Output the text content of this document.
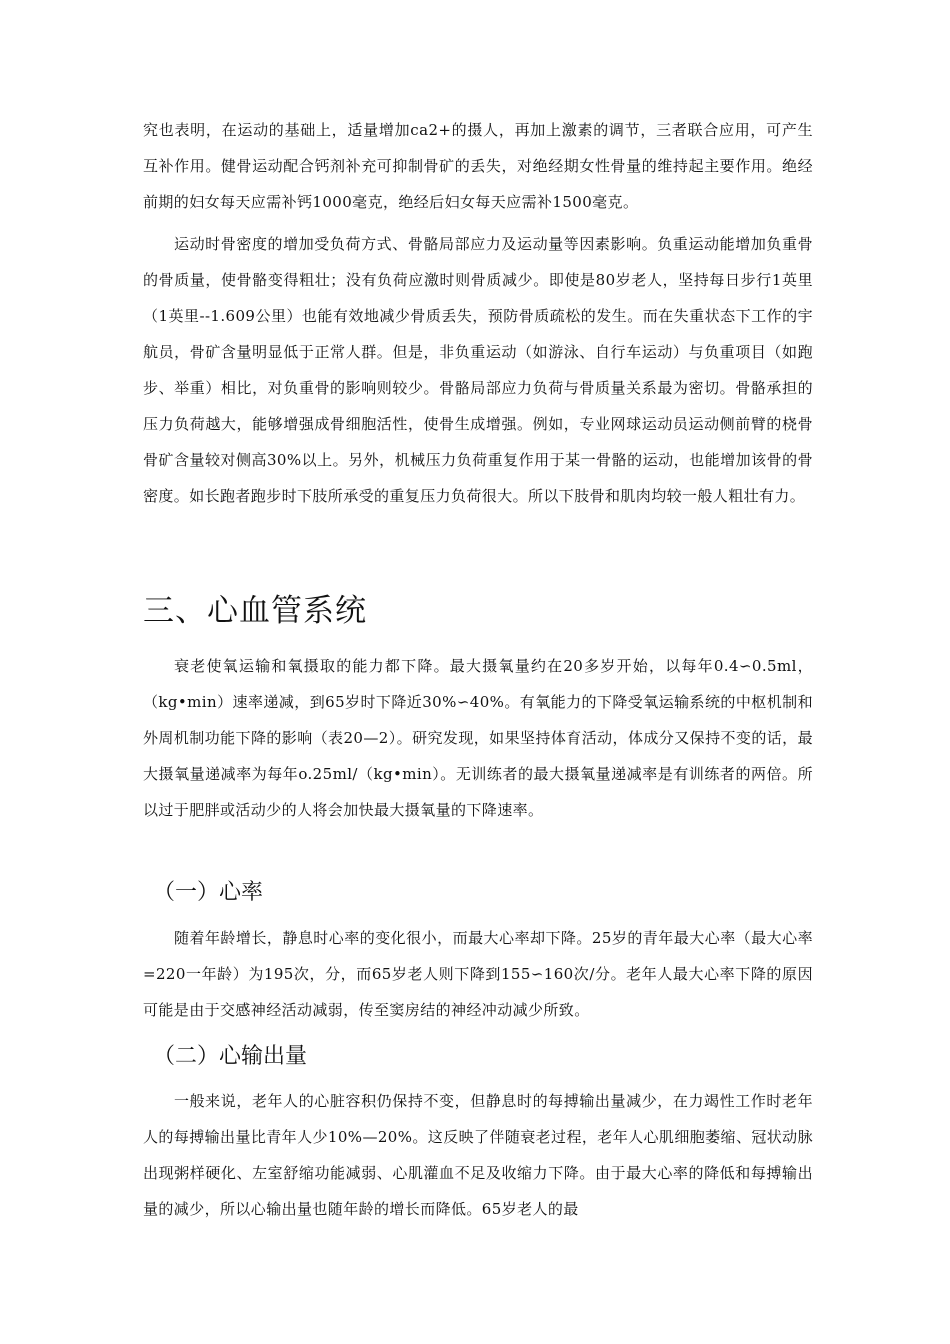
究也表明，在运动的基础上，适量增加ca2+的摄人，再加上激素的调节，三者联合应用，可产生互补作用。健骨运动配合钙剂补充可抑制骨矿的丢失，对绝经期女性骨量的维持起主要作用。绝经前期的妇女每天应需补钙1000毫克，绝经后妇女每天应需补1500毫克。

运动时骨密度的增加受负荷方式、骨骼局部应力及运动量等因素影响。负重运动能增加负重骨的骨质量，使骨骼变得粗壮；没有负荷应激时则骨质减少。即使是80岁老人，坚持每日步行1英里（1英里--1.609公里）也能有效地减少骨质丢失，预防骨质疏松的发生。而在失重状态下工作的宇航员，骨矿含量明显低于正常人群。但是，非负重运动（如游泳、自行车运动）与负重项目（如跑步、举重）相比，对负重骨的影响则较少。骨骼局部应力负荷与骨质量关系最为密切。骨骼承担的压力负荷越大，能够增强成骨细胞活性，使骨生成增强。例如，专业网球运动员运动侧前臂的桡骨骨矿含量较对侧高30%以上。另外，机械压力负荷重复作用于某一骨骼的运动，也能增加该骨的骨密度。如长跑者跑步时下肢所承受的重复压力负荷很大。所以下肢骨和肌肉均较一般人粗壮有力。

三、心血管系统

衰老使氧运输和氧摄取的能力都下降。最大摄氧量约在20多岁开始，以每年0.4∽0.5ml，（kg•min）速率递减，到65岁时下降近30%∽40%。有氧能力的下降受氧运输系统的中枢机制和外周机制功能下降的影响（表20—2）。研究发现，如果坚持体育活动，体成分又保持不变的话，最大摄氧量递减率为每年o.25ml/（kg•min）。无训练者的最大摄氧量递减率是有训练者的两倍。所以过于肥胖或活动少的人将会加快最大摄氧量的下降速率。

（一）心率

随着年龄增长，静息时心率的变化很小，而最大心率却下降。25岁的青年最大心率（最大心率=220一年龄）为195次，分，而65岁老人则下降到155∽160次/分。老年人最大心率下降的原因可能是由于交感神经活动减弱，传至窦房结的神经冲动减少所致。

（二）心输出量

一般来说，老年人的心脏容积仍保持不变，但静息时的每搏输出量减少，在力竭性工作时老年人的每搏输出量比青年人少10%—20%。这反映了伴随衰老过程，老年人心肌细胞萎缩、冠状动脉出现粥样硬化、左室舒缩功能减弱、心肌灌血不足及收缩力下降。由于最大心率的降低和每搏输出量的减少，所以心输出量也随年龄的增长而降低。65岁老人的最
